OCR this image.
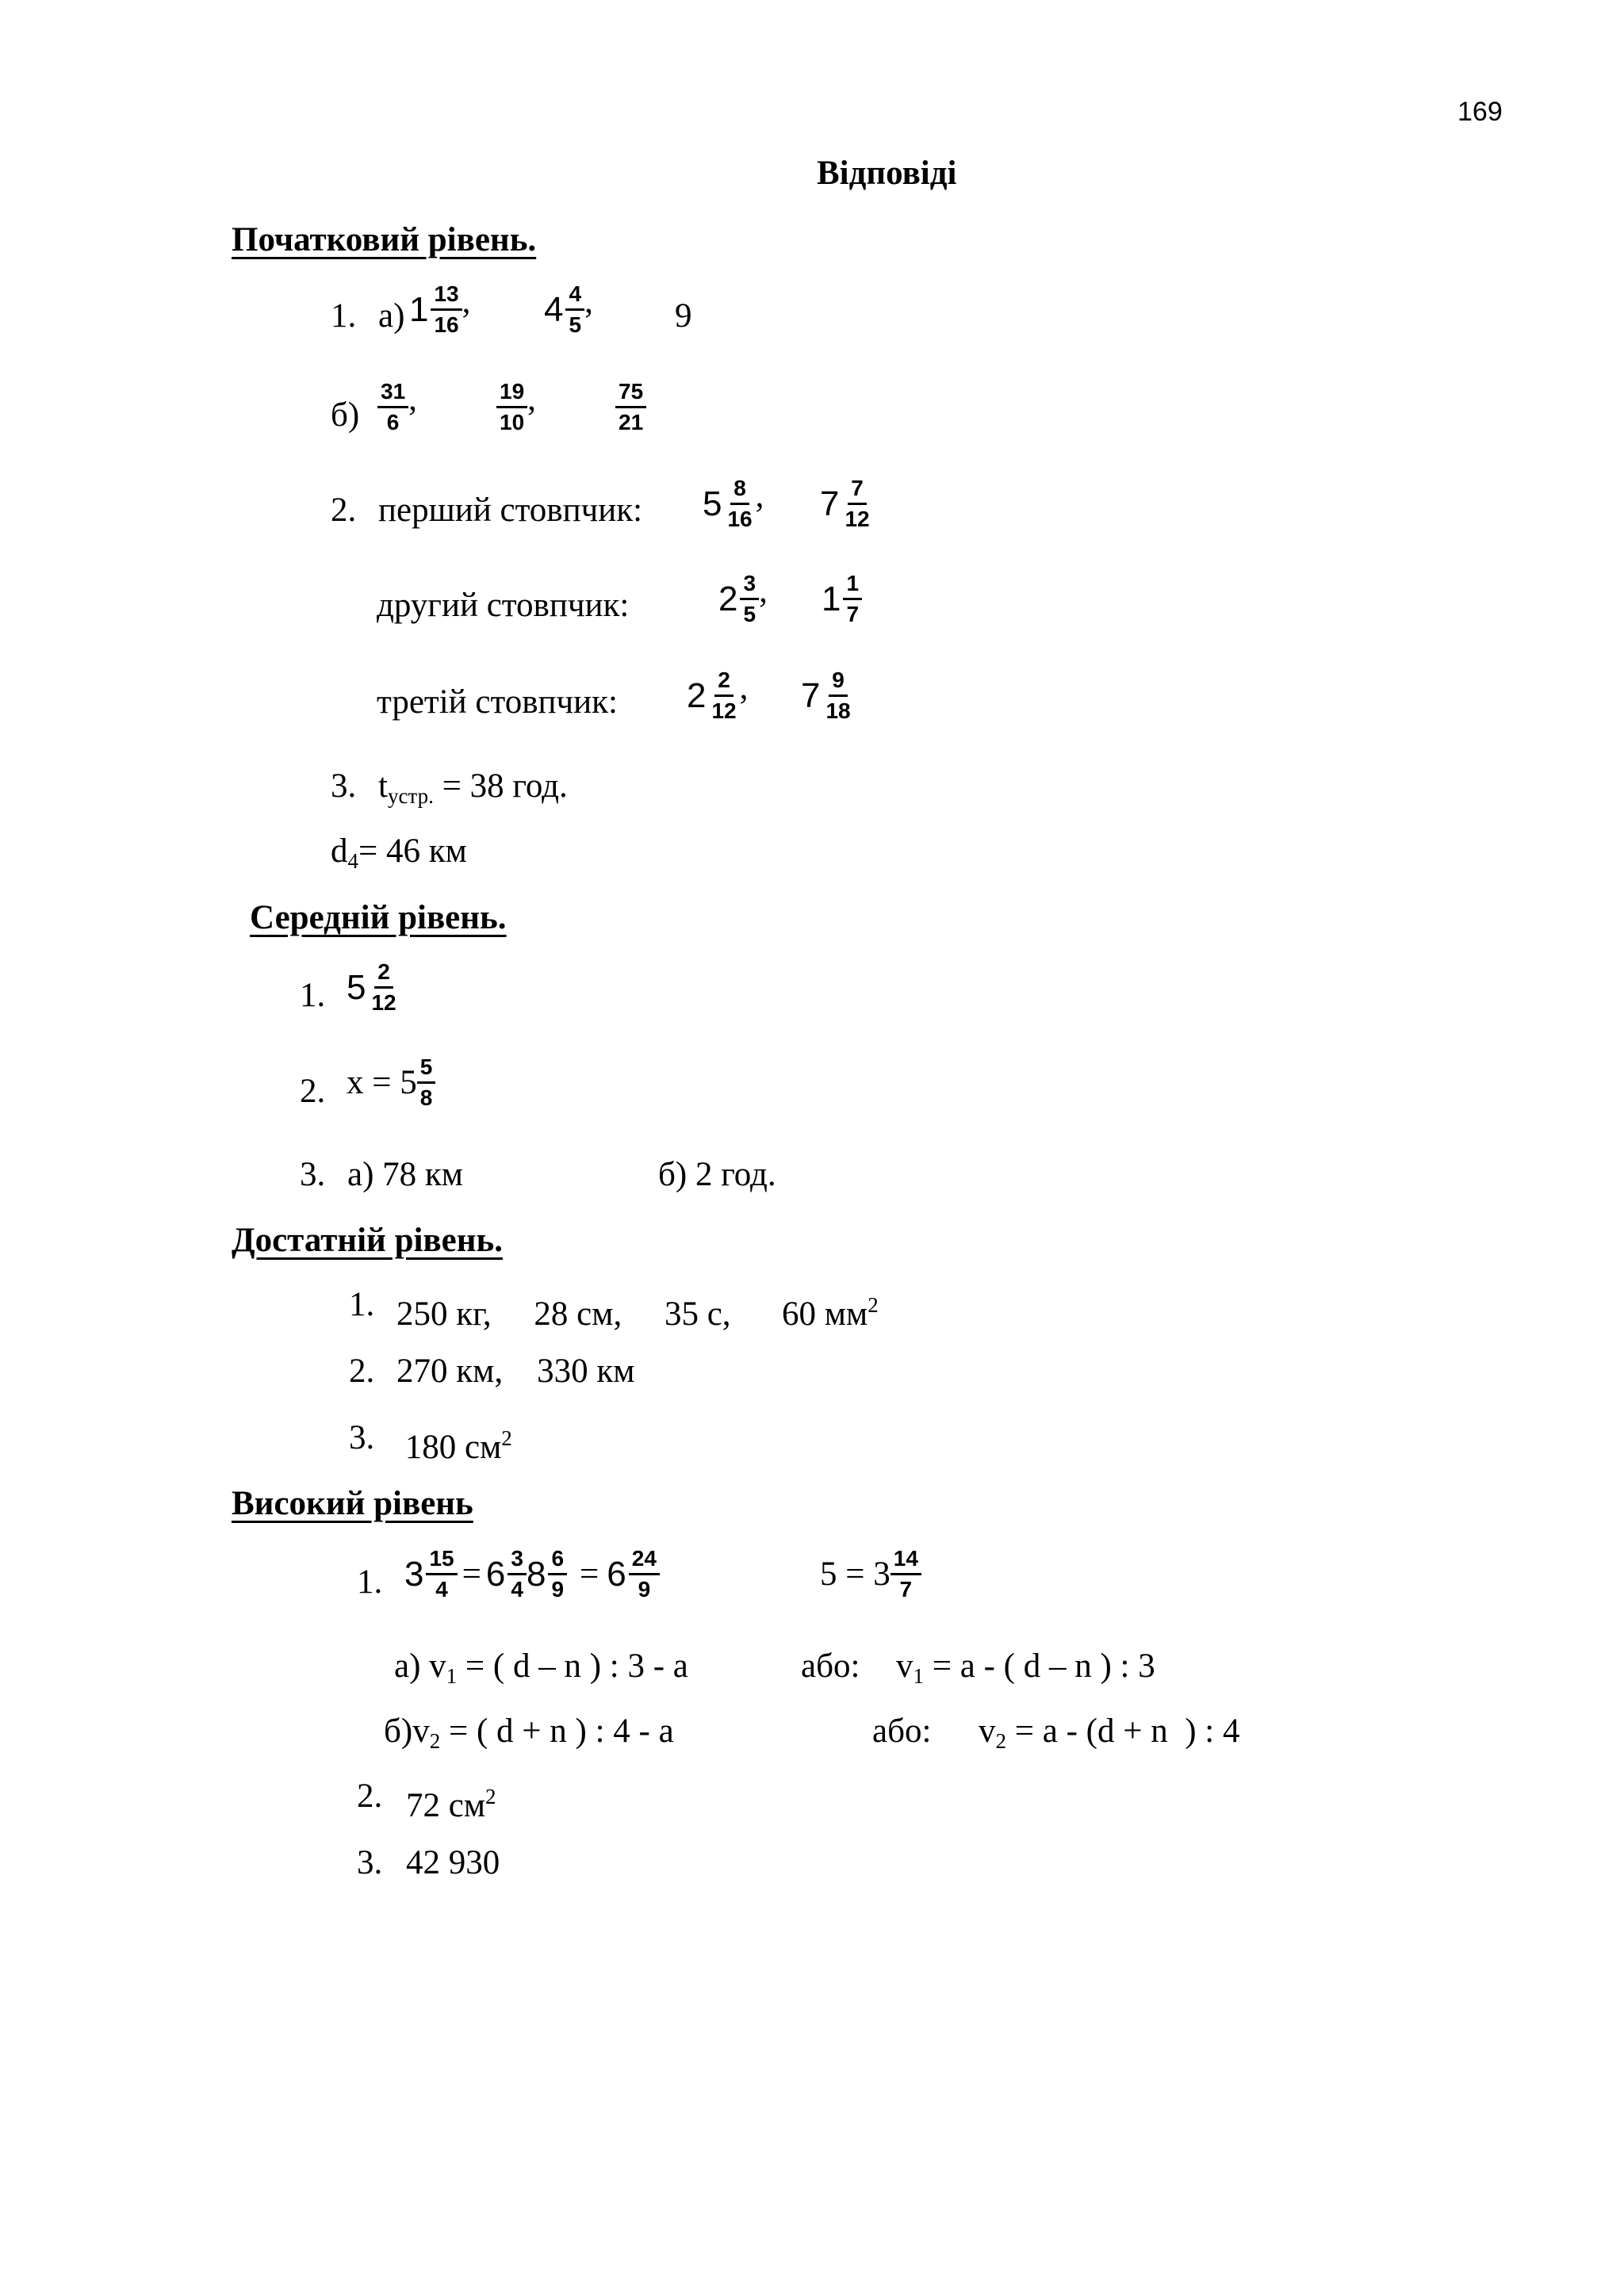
169
Відповіді
Початковий рівень.
1. а) $1 \frac{13}{16}$ , $4 \frac{4}{5}$ , 9
$б) \frac{31}{6}$ ,	$\frac{19}{10}$ ,	$\frac{75}{21}$
2. перший стовпчик: $5 \frac{8}{16}$ , $7 \frac{7}{12}$
другий стовпчик:	$2 \frac{3}{5}$ , $1 \frac{1}{7}$
третій стовпчик: $2 \frac{2}{12}$ , $7 \frac{9}{18}$
3. $t_{устр.} = 38$ год.
$d_4= 46$ км
Середній рівень.
1. $5 \frac{2}{12}$
2. $x = 5 \frac{5}{8}$
3. а) 78 км	б) 2 год.
Достатній рівень.
1. 250 кг,     28 см,     35 с,      60 $мм^2$
2. 270 км,    330 км
3. 180 $см^2$
Високий рівень
1. $3 \frac{15}{4} = 6 \frac{3}{4} 8 \frac{6}{9} = 6 \frac{24}{9}$	$5 = 3 \frac{14}{7}$
а) $v_1$ = ( d – n ) : 3 - a	або: $v_1 = a$ - ( d – n ) : 3
$б)v_2$ = ( d + n ) : 4 - a	або: $v_2 = a - (d + n$  ) : 4
2. 72 $см^2$
3. 42 930
